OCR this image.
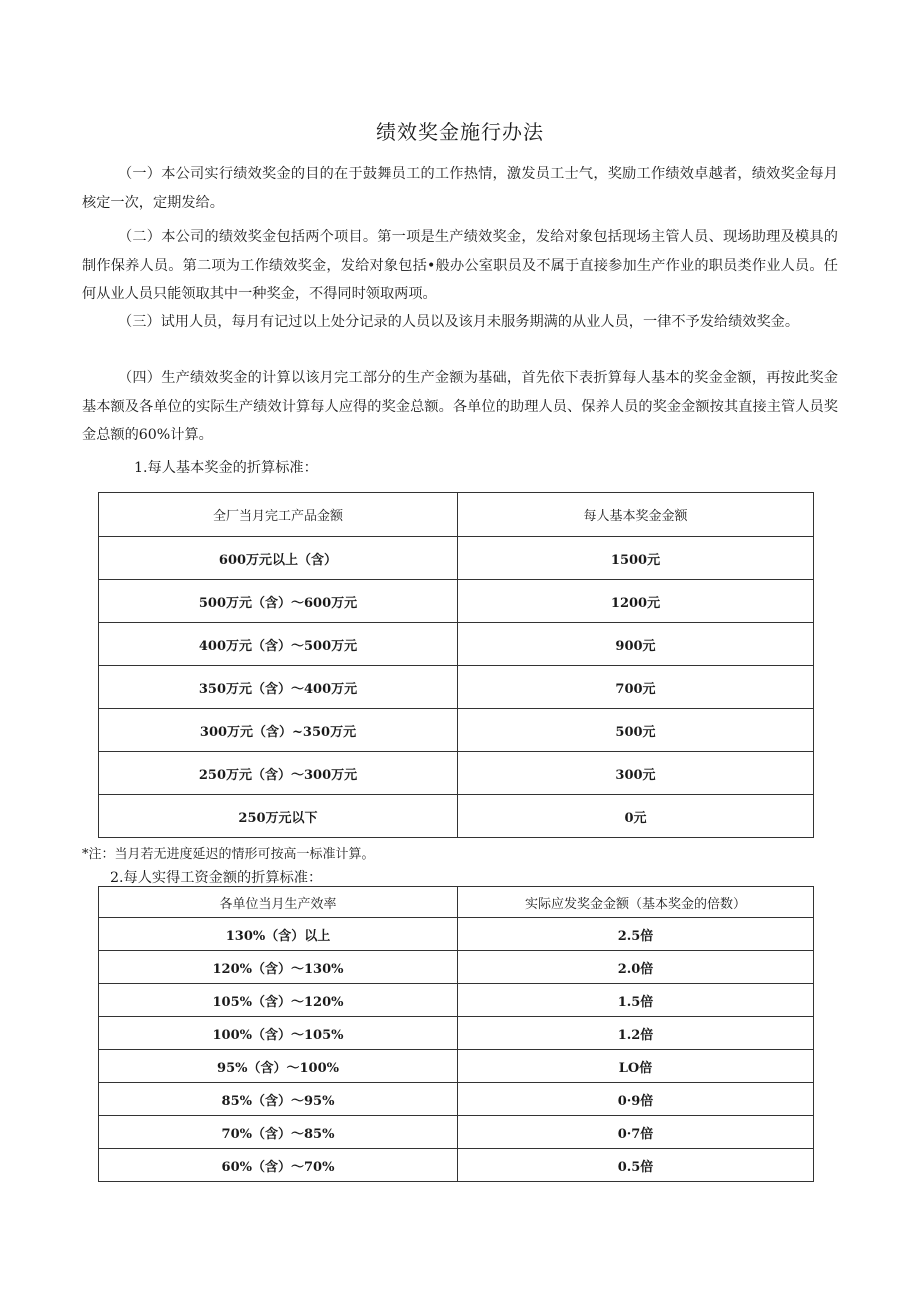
绩效奖金施行办法
（一）本公司实行绩效奖金的目的在于鼓舞员工的工作热情，激发员工士气，奖励工作绩效卓越者，绩效奖金每月核定一次，定期发给。
（二）本公司的绩效奖金包括两个项目。第一项是生产绩效奖金，发给对象包括现场主管人员、现场助理及模具的制作保养人员。第二项为工作绩效奖金，发给对象包括•般办公室职员及不属于直接参加生产作业的职员类作业人员。任何从业人员只能领取其中一种奖金，不得同时领取两项。
（三）试用人员，每月有记过以上处分记录的人员以及该月未服务期满的从业人员，一律不予发给绩效奖金。
（四）生产绩效奖金的计算以该月完工部分的生产金额为基础，首先依下表折算每人基本的奖金金额，再按此奖金基本额及各单位的实际生产绩效计算每人应得的奖金总额。各单位的助理人员、保养人员的奖金金额按其直接主管人员奖金总额的60%计算。
1.每人基本奖金的折算标准：
全厂当月完工产品金额	每人基本奖金金额
600万元以上（含）	1500元
500万元（含）～600万元	1200元
400万元（含）～500万元	900元
350万元（含）～400万元	700元
300万元（含）~350万元	500元
250万元（含）～300万元	300元
250万元以下	0元
*注：当月若无进度延迟的情形可按高一标准计算。
2.每人实得工资金额的折算标准：
各单位当月生产效率	实际应发奖金金额（基本奖金的倍数）
130%（含）以上	2.5倍
120%（含）～130%	2.0倍
105%（含）～120%	1.5倍
100%（含）～105%	1.2倍
95%（含）～100%	LO倍
85%（含）～95%	0·9倍
70%（含）～85%	0·7倍
60%（含）～70%	0.5倍
